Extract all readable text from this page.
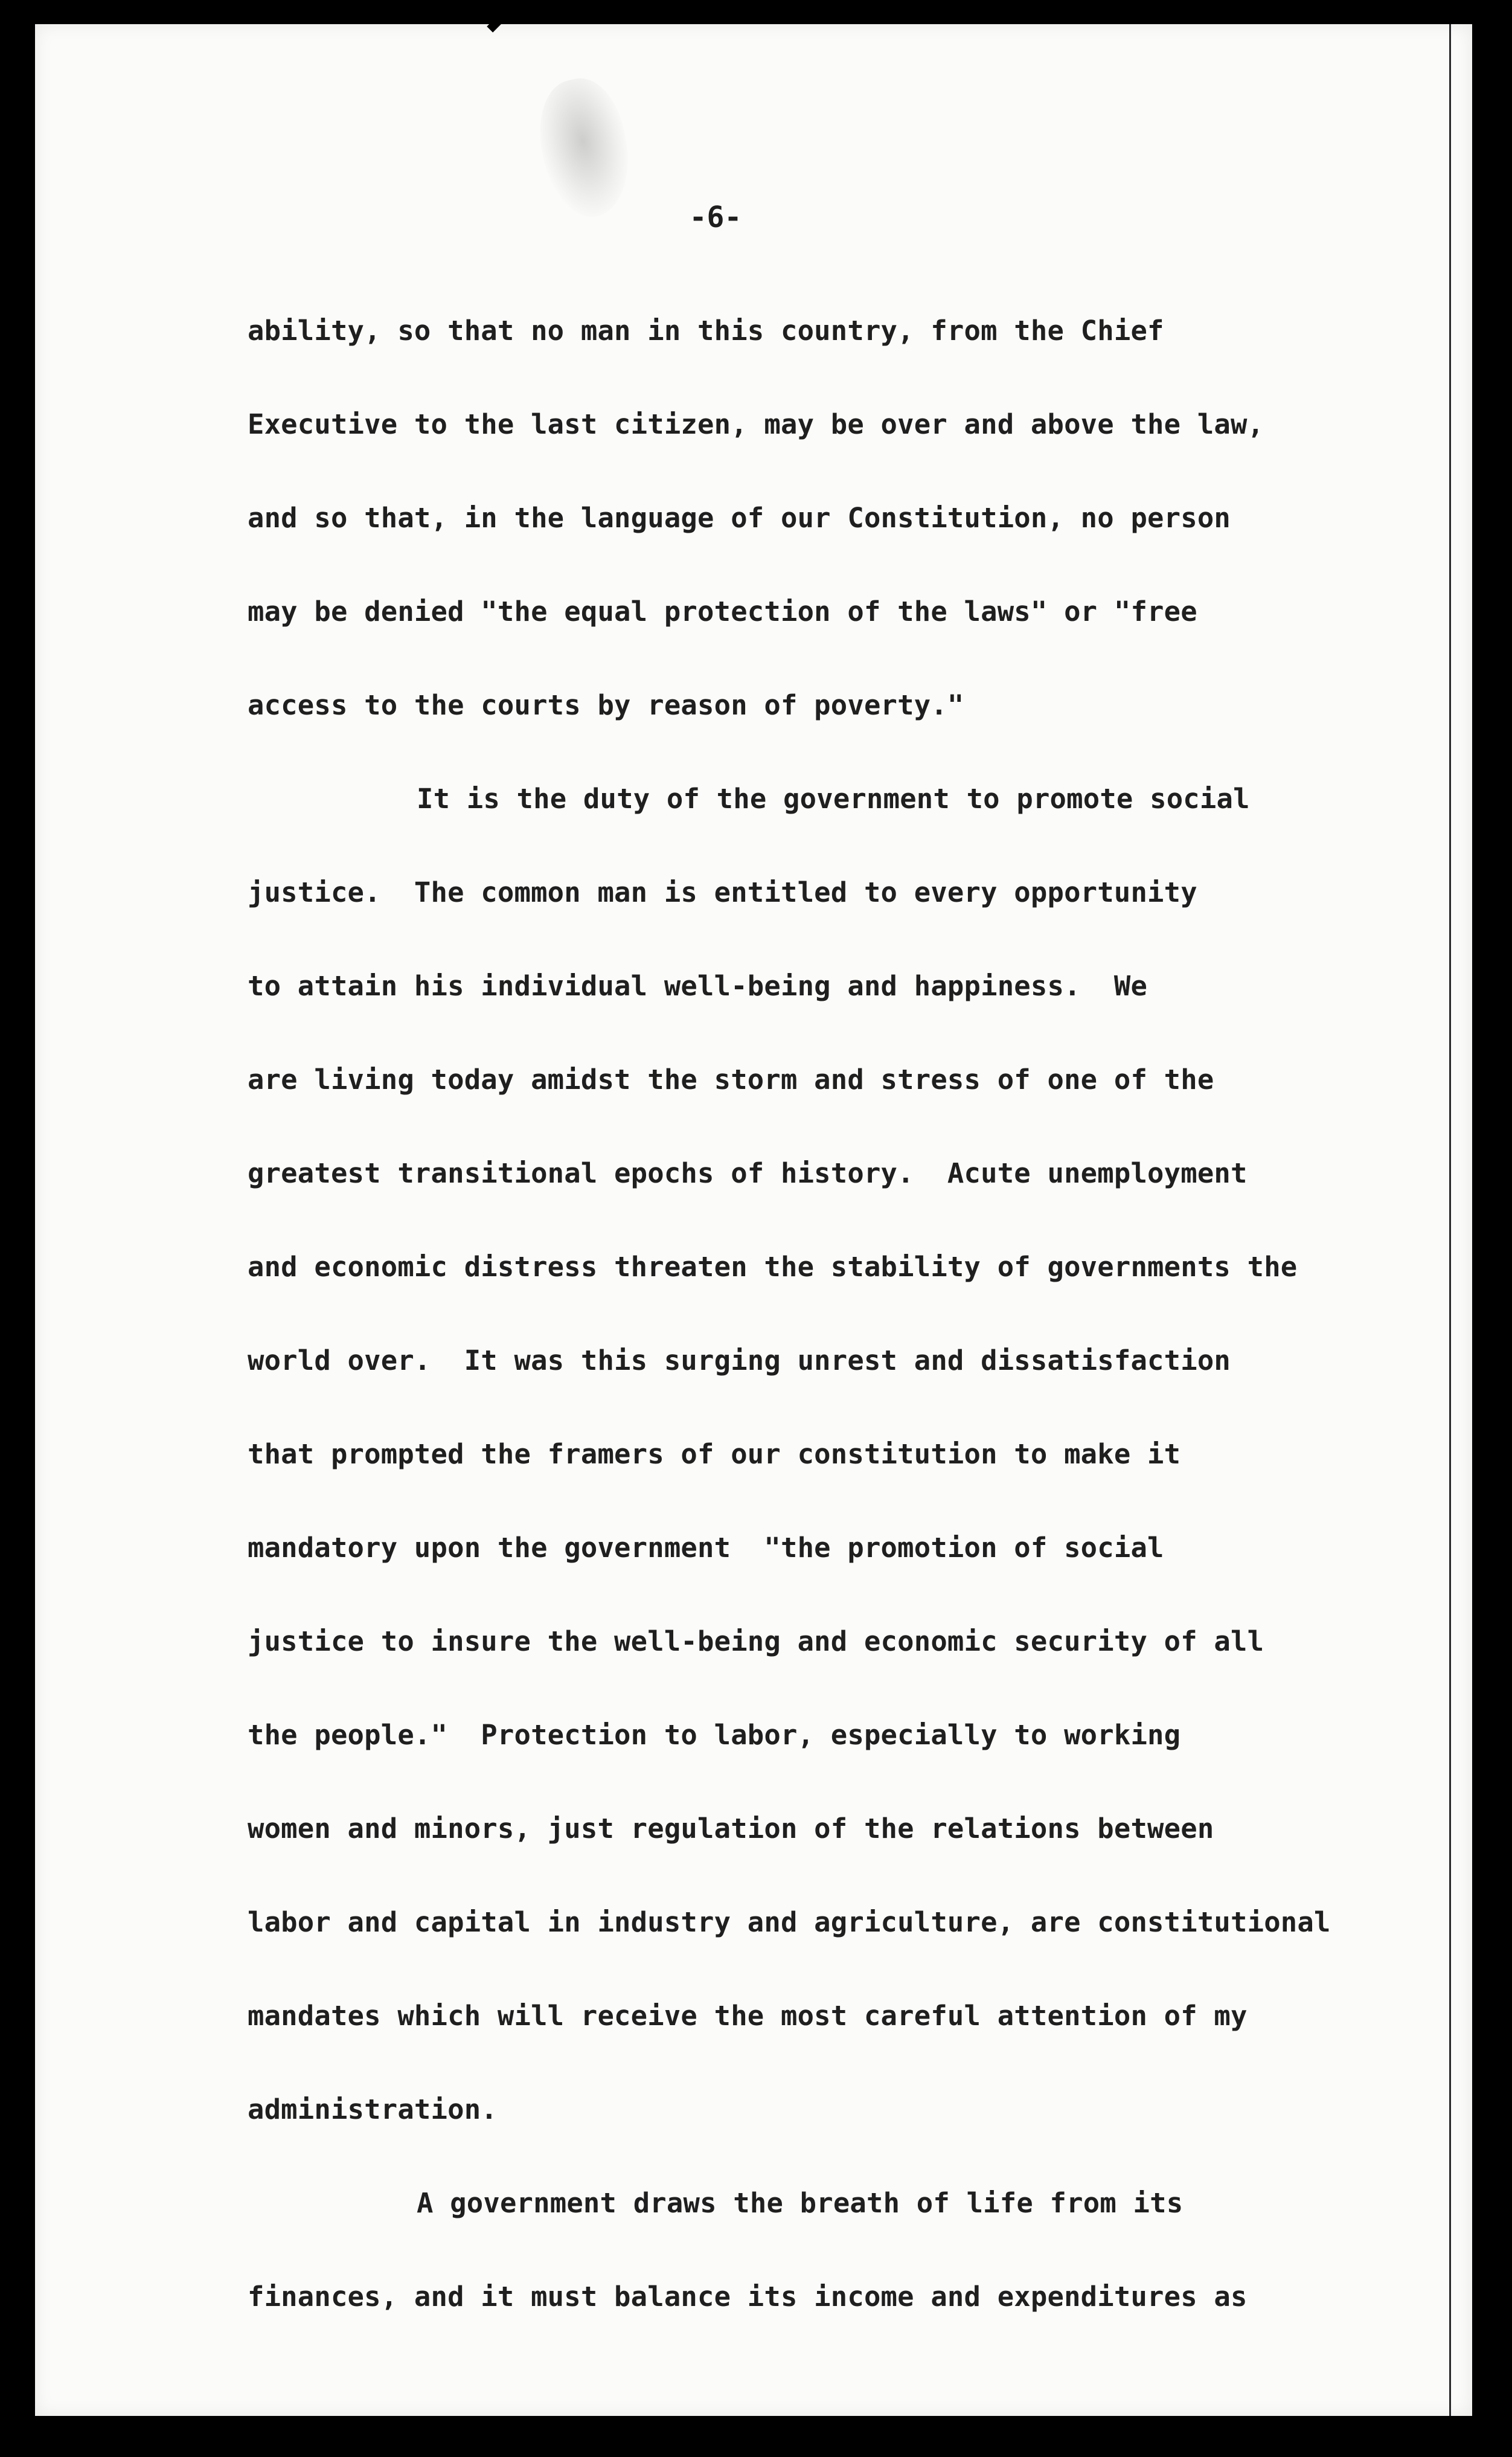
-6-
ability, so that no man in this country, from the Chief
Executive to the last citizen, may be over and above the law,
and so that, in the language of our Constitution, no person
may be denied "the equal protection of the laws" or "free
access to the courts by reason of poverty."
It is the duty of the government to promote social
justice.  The common man is entitled to every opportunity
to attain his individual well-being and happiness.  We
are living today amidst the storm and stress of one of the
greatest transitional epochs of history.  Acute unemployment
and economic distress threaten the stability of governments the
world over.  It was this surging unrest and dissatisfaction
that prompted the framers of our constitution to make it
mandatory upon the government  "the promotion of social
justice to insure the well-being and economic security of all
the people."  Protection to labor, especially to working
women and minors, just regulation of the relations between
labor and capital in industry and agriculture, are constitutional
mandates which will receive the most careful attention of my
administration.
A government draws the breath of life from its
finances, and it must balance its income and expenditures as
